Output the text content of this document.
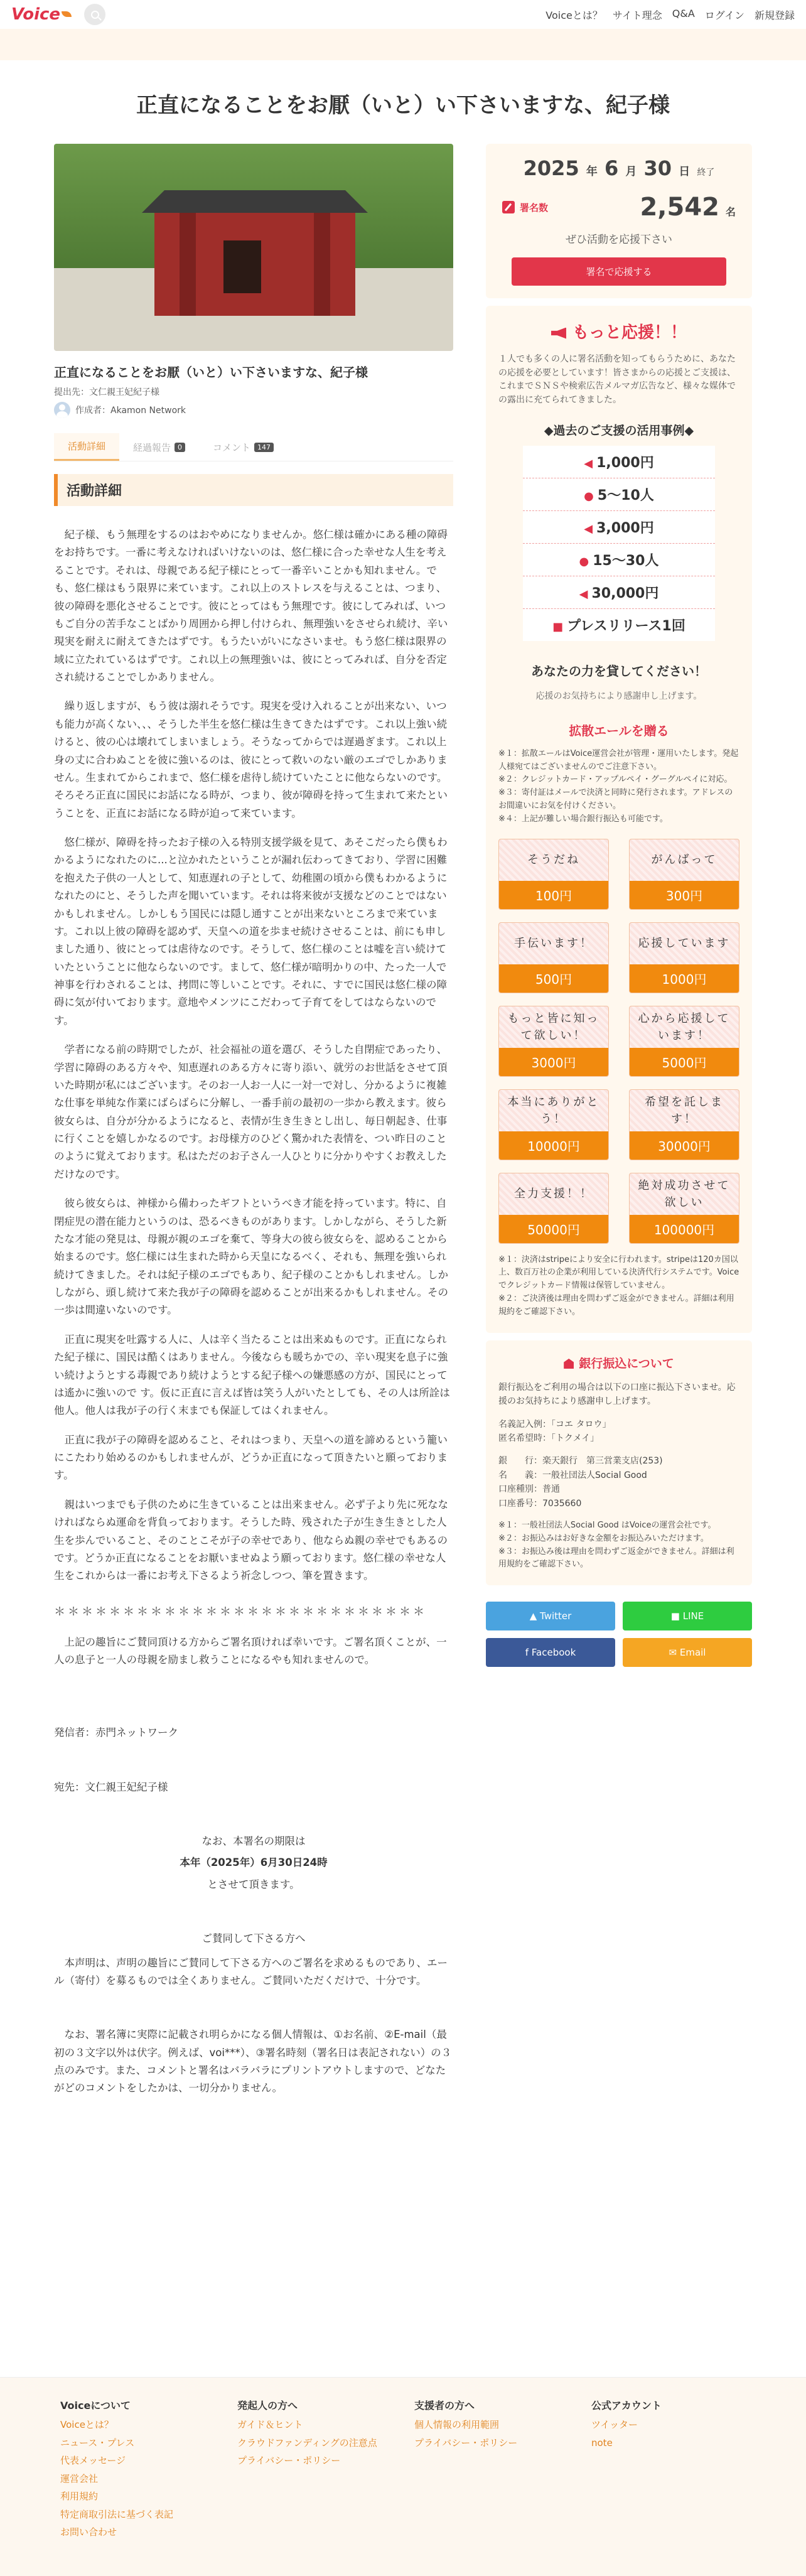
Voice	Voiceとは？ サイト理念 Q&A ログイン 新規登録
正直になることをお厭（いと）い下さいますな、紀子様
正直になることをお厭（いと）い下さいますな、紀子様
提出先：文仁親王妃紀子様
作成者：Akamon Network
活動詳細	経過報告	0	コメント	147
活動詳細

紀子様、もう無理をするのはおやめになりませんか。悠仁様は確かにある種の障碍をお持ちです。一番に考えなければいけないのは、悠仁様に合った幸せな人生を考えることです。それは、母親である紀子様にとって一番辛いことかも知れません。でも、悠仁様はもう限界に来ています。これ以上のストレスを与えることは、つまり、彼の障碍を悪化させることです。彼にとってはもう無理です。彼にしてみれば、いつもご自分の苦手なことばかり周囲から押し付けられ、無理強いをさせられ続け、辛い現実を耐えに耐えてきたはずです。もうたいがいになさいませ。もう悠仁様は限界の域に立たれているはずです。これ以上の無理強いは、彼にとってみれば、自分を否定され続けることでしかありません。

繰り返しますが、もう彼は溺れそうです。現実を受け入れることが出来ない、いつも能力が高くない、、、そうした半生を悠仁様は生きてきたはずです。これ以上強い続けると、彼の心は壊れてしまいましょう。そうなってからでは遅過ぎます。これ以上身の丈に合わぬことを彼に強いるのは、彼にとって救いのない厳のエゴでしかありません。生まれてからこれまで、悠仁様を虐待し続けていたことに他ならないのです。そろそろ正直に国民にお話になる時が、つまり、彼が障碍を持って生まれて来たということを、正直にお話になる時が迫って来ています。

悠仁様が、障碍を持ったお子様の入る特別支援学級を見て、あそこだったら僕もわかるようになれたのに...と泣かれたということが漏れ伝わってきており、学習に困難を抱えた子供の一人として、知恵遅れの子として、幼稚園の頃から僕もわかるようになれたのにと、そうした声を聞いています。それは将来彼が支援などのことではないかもしれません。しかしもう国民には隠し通すことが出来ないところまで来ています。これ以上彼の障碍を認めず、天皇への道を歩ませ続けさせることは、前にも申しました通り、彼にとっては虐待なのです。そうして、悠仁様のことは嘘を言い続けていたということに他ならないのです。まして、悠仁様が暗明かりの中、たった一人で神事を行わされることは、拷問に等しいことです。それに、すでに国民は悠仁様の障碍に気が付いております。意地やメンツにこだわって子育てをしてはならないのです。

学者になる前の時期でしたが、社会福祉の道を選び、そうした自閉症であったり、学習に障碍のある方々や、知恵遅れのある方々に寄り添い、就労のお世話をさせて頂いた時期が私にはございます。そのお一人お一人に一対一で対し、分かるように複雑な仕事を単純な作業にばらばらに分解し、一番手前の最初の一歩から教えます。彼ら彼女らは、自分が分かるようになると、表情が生き生きとし出し、毎日朝起き、仕事に行くことを嬉しかなるのです。お母様方のひどく驚かれた表情を、つい昨日のことのように覚えております。私はただのお子さん一人ひとりに分かりやすくお教えしただけなのです。

彼ら彼女らは、神様から備わったギフトというべき才能を持っています。特に、自閉症児の潜在能力というのは、恐るべきものがあります。しかしながら、そうした新たな才能の発見は、母親が親のエゴを棄て、等身大の彼ら彼女らを、認めることから始まるのです。悠仁様には生まれた時から天皇になるべく、それも、無理を強いられ続けてきました。それは紀子様のエゴでもあり、紀子様のことかもしれません。しかしながら、頭し続けて来た我が子の障碍を認めることが出来るかもしれません。その一歩は間違いないのです。

正直に現実を吐露する人に、人は辛く当たることは出来ぬものです。正直になられた紀子様に、国民は酷くはありません。今後ならも暖ちかでの、辛い現実を息子に強い続けようとする毒親であり続けようとする紀子様への嫌悪感の方が、国民にとっては遙かに強いので す。仮に正直に言えば皆は笑う人がいたとしても、その人は所詮は他人。他人は我が子の行く末までも保証してはくれません。

正直に我が子の障碍を認めること、それはつまり、天皇への道を諦めるという籠いにこたわり始めるのかもしれませんが、どうか正直になって頂きたいと願っております。

親はいつまでも子供のために生きていることは出来ません。必ず子より先に死ななければならぬ運命を背負っております。そうした時、残された子が生き生きとした人生を歩んでいること、そのことこそが子の幸せであり、他ならぬ親の幸せでもあるのです。どうか正直になることをお厭いませぬよう願っております。悠仁様の幸せな人生をこれからは一番にお考え下さるよう祈念しつつ、筆を置きます。

＊＊＊＊＊＊＊＊＊＊＊＊＊＊＊＊＊＊＊＊＊＊＊＊＊＊＊

上記の趣旨にご賛同頂ける方からご署名頂ければ幸いです。ご署名頂くことが、一人の息子と一人の母親を励まし救うことになるやも知れませんので。

発信者：赤門ネットワーク

宛先：文仁親王妃紀子様

なお、本署名の期限は

本年（2025年）6月30日24時

とさせて頂きます。

ご賛同して下さる方へ

本声明は、声明の趣旨にご賛同して下さる方へのご署名を求めるものであり、エール（寄付）を募るものでは全くありません。ご賛同いただくだけで、十分です。

なお、署名簿に実際に記載され明らかになる個人情報は、①お名前、②E-mail（最初の３文字以外は伏字。例えば、voi***）、③署名時刻（署名日は表記されない）の３点のみです。また、コメントと署名はバラバラにプリントアウトしますので、どなたがどのコメントをしたかは、一切分かりません。

2025 年 6 月 30 日 終了
署名数	2,542 名
ぜひ活動を応援下さい
署名で応援する
もっと応援！！

１人でも多くの人に署名活動を知ってもらうために、あなたの応援を必要としています！皆さまからの応援とご支援は、これまでＳＮＳや検索広告メルマガ広告など、様々な媒体での露出に充てられてきました。

◆過去のご支援の活用事例◆
◀ 1,000円
● 5〜10人
◀ 3,000円
● 15〜30人
◀ 30,000円
■ プレスリリース1回
あなたの力を貸してください！
応援のお気持ちにより感謝申し上げます。
拡散エールを贈る
※１：拡散エールはVoice運営会社が管理・運用いたします。発起人様宛てはございませんのでご注意下さい。
※２：クレジットカード・アップルペイ・グーグルペイに対応。
※３：寄付証はメールで決済と同時に発行されます。アドレスのお間違いにお気を付けください。
※４：上記が難しい場合銀行振込も可能です。
そうだね
100円
がんばって
300円
手伝います！
500円
応援しています
1000円
もっと皆に知って欲しい！
3000円
心から応援しています！
5000円
本当にありがとう！
10000円
希望を託します！
30000円
全力支援！！
50000円
絶対成功させて欲しい
100000円
※１：決済はstripeにより安全に行われます。stripeは120カ国以上、数百万社の企業が利用している決済代行システムです。Voiceでクレジットカード情報は保管していません。
※２：ご決済後は理由を問わずご返金ができません。詳細は利用規約をご確認下さい。
銀行振込について
銀行振込をご利用の場合は以下の口座に振込下さいませ。応援のお気持ちにより感謝申し上げます。
名義記入例：「コエ タロウ」
匿名希望時：「トクメイ」
銀　　行：楽天銀行　第三営業支店(253)
名　　義：一般社団法人Social Good
口座種別：普通
口座番号：7035660
※１：一般社団法人Social Good はVoiceの運営会社です。
※２：お振込みはお好きな金額をお振込みいただけます。
※３：お振込み後は理由を問わずご返金ができません。詳細は利用規約をご確認下さい。
▲ Twitter	■ LINE
f Facebook	✉ Email
Voiceについて
Voiceとは？
ニュース・プレス
代表メッセージ
運営会社
利用規約
特定商取引法に基づく表記
お問い合わせ
発起人の方へ
ガイド＆ヒント
クラウドファンディングの注意点
プライバシー・ポリシー
支援者の方へ
個人情報の利用範囲
プライバシー・ポリシー
公式アカウント
ツイッター
note
